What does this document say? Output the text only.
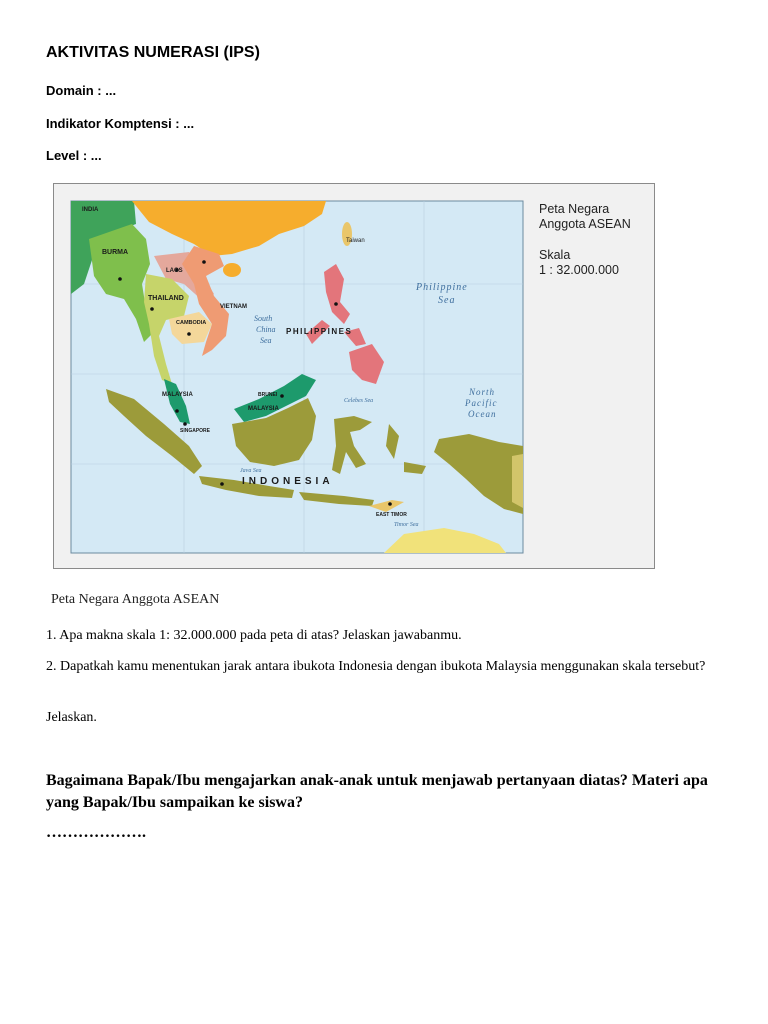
AKTIVITAS NUMERASI (IPS)
Domain : ...
Indikator Komptensi : ...
Level : ...
INDIA
BURMA
LAOS
THAILAND
CAMBODIA
VIETNAM
PHILIPPINES
MALAYSIA
MALAYSIA
BRUNEI
SINGAPORE
INDONESIA
EAST TIMOR
Taiwan
South
China
Sea
Philippine
Sea
North
Pacific
Ocean
Java Sea
Celebes Sea
Timor Sea
Peta Negara
Anggota ASEAN
Skala
1 : 32.000.000
Peta Negara Anggota ASEAN
1. Apa makna skala 1: 32.000.000 pada peta di atas? Jelaskan jawabanmu.
2. Dapatkah kamu menentukan jarak antara ibukota Indonesia dengan ibukota Malaysia menggunakan skala tersebut?
Jelaskan.
Bagaimana Bapak/Ibu mengajarkan anak-anak untuk menjawab pertanyaan diatas? Materi apa yang Bapak/Ibu sampaikan ke siswa?
……………….
